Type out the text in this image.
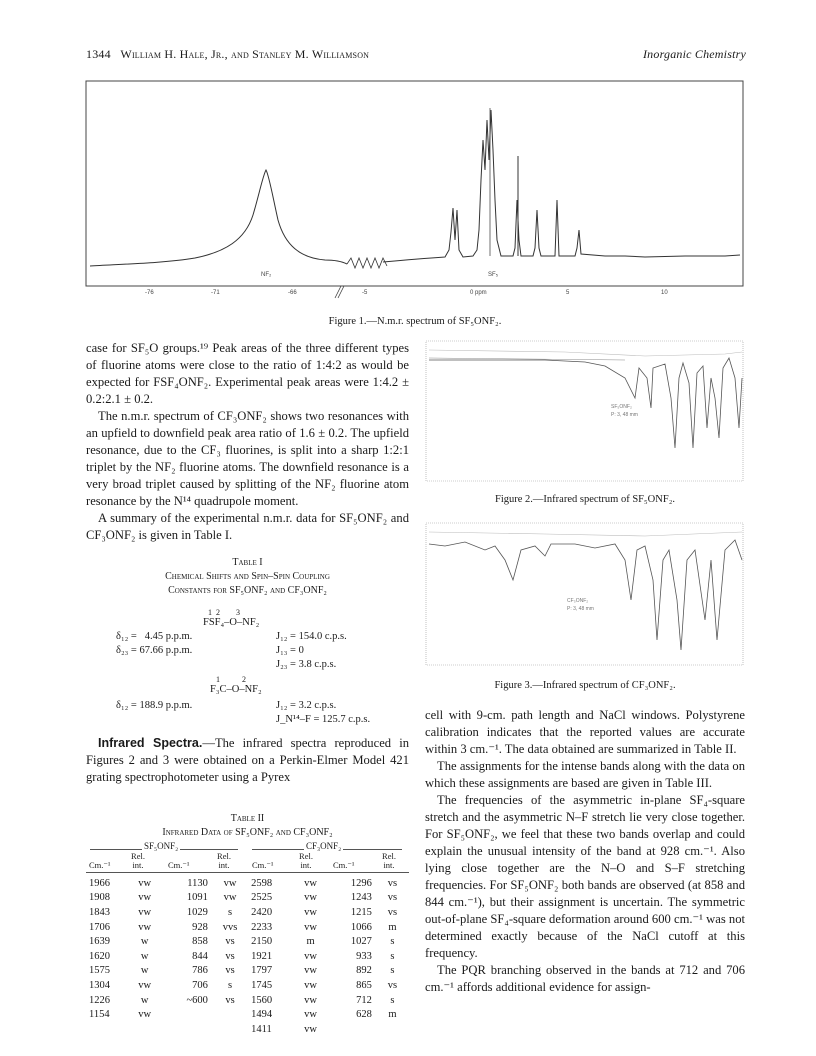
1344 William H. Hale, Jr., and Stanley M. Williamson	Inorganic Chemistry
NF₂	SF₅
-76	-71	-66	-5	0 ppm	5	10
Figure 1.—N.m.r. spectrum of SF₅ONF₂.

case for SF₅O groups.¹⁹ Peak areas of the three different types of fluorine atoms were close to the ratio of 1:4:2 as would be expected for FSF₄ONF₂. Experimental peak areas were 1:4.2 ± 0.2:2.1 ± 0.2.

The n.m.r. spectrum of CF₃ONF₂ shows two resonances with an upfield to downfield peak area ratio of 1.6 ± 0.2. The upfield resonance, due to the CF₃ fluorines, is split into a sharp 1:2:1 triplet by the NF₂ fluorine atoms. The downfield resonance is a very broad triplet caused by splitting of the NF₂ fluorine atom resonance by the N¹⁴ quadrupole moment.

A summary of the experimental n.m.r. data for SF₅ONF₂ and CF₃ONF₂ is given in Table I.

Table I
Chemical Shifts and Spin–Spin Coupling
Constants for SF₅ONF₂ and CF₃ONF₂
1  2        3
FSF₄–O–NF₂
δ₁₂ =   4.45 p.p.m.
δ₂₃ = 67.66 p.p.m.
J₁₂ = 154.0 c.p.s.
J₁₃ = 0
J₂₃ = 3.8 c.p.s.
1           2
F₃C–O–NF₂
δ₁₂ = 188.9 p.p.m.	J₁₂ = 3.2 c.p.s.
J_N¹⁴–F = 125.7 c.p.s.

Infrared Spectra.—The infrared spectra reproduced in Figures 2 and 3 were obtained on a Perkin-Elmer Model 421 grating spectrophotometer using a Pyrex

Table II
Infrared Data of SF₅ONF₂ and CF₃ONF₂
SF₅ONF₂	CF₃ONF₂
Cm.⁻¹
Rel. int.	Cm.⁻¹
Rel. int.	Cm.⁻¹
Rel. int.	Cm.⁻¹
Rel. int.
1966	vw	1130	vw	2598	vw	1296	vs
1908	vw	1091	vw	2525	vw	1243	vs
1843	vw	1029	s	2420	vw	1215	vs
1706	vw	928	vvs	2233	vw	1066	m
1639	w	858	vs	2150	m	1027	s
1620	w	844	vs	1921	vw	933	s
1575	w	786	vs	1797	vw	892	s
1304	vw	706	s	1745	vw	865	vs
1226	w	~600	vs	1560	vw	712	s
1154	vw			1494	vw	628	m
				1411	vw		
SF₅ONF₂
P: 3, 48 mm
Figure 2.—Infrared spectrum of SF₅ONF₂.
CF₃ONF₂
P: 3, 48 mm
Figure 3.—Infrared spectrum of CF₃ONF₂.

cell with 9-cm. path length and NaCl windows. Polystyrene calibration indicates that the reported values are accurate within 3 cm.⁻¹. The data obtained are summarized in Table II.

The assignments for the intense bands along with the data on which these assignments are based are given in Table III.

The frequencies of the asymmetric in-plane SF₄-square stretch and the asymmetric N–F stretch lie very close together. For SF₅ONF₂, we feel that these two bands overlap and could explain the unusual intensity of the band at 928 cm.⁻¹. Also lying close together are the N–O and S–F stretching frequencies. For SF₅ONF₂ both bands are observed (at 858 and 844 cm.⁻¹), but their assignment is uncertain. The symmetric out-of-plane SF₄-square deformation around 600 cm.⁻¹ was not determined exactly because of the NaCl cutoff at this frequency.

The PQR branching observed in the bands at 712 and 706 cm.⁻¹ affords additional evidence for assign-
